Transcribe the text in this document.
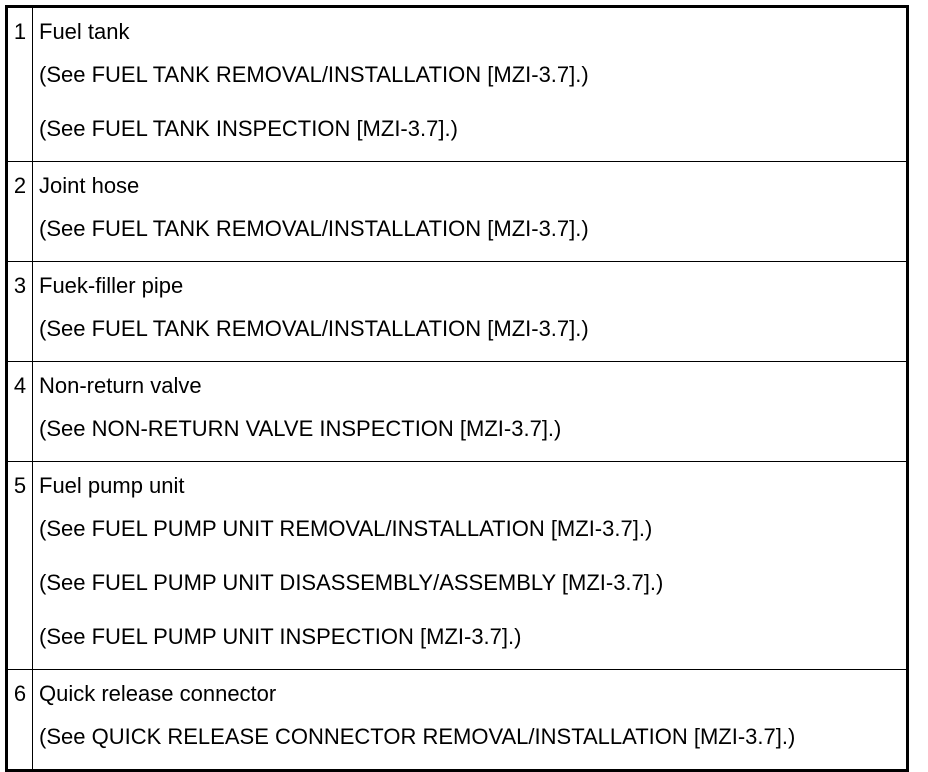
1 Fuel tank
(See FUEL TANK REMOVAL/INSTALLATION [MZI-3.7].)
(See FUEL TANK INSPECTION [MZI-3.7].)
2 Joint hose
(See FUEL TANK REMOVAL/INSTALLATION [MZI-3.7].)
3 Fuek-filler pipe
(See FUEL TANK REMOVAL/INSTALLATION [MZI-3.7].)
4 Non-return valve
(See NON-RETURN VALVE INSPECTION [MZI-3.7].)
5 Fuel pump unit
(See FUEL PUMP UNIT REMOVAL/INSTALLATION [MZI-3.7].)
(See FUEL PUMP UNIT DISASSEMBLY/ASSEMBLY [MZI-3.7].)
(See FUEL PUMP UNIT INSPECTION [MZI-3.7].)
6 Quick release connector
(See QUICK RELEASE CONNECTOR REMOVAL/INSTALLATION [MZI-3.7].)
